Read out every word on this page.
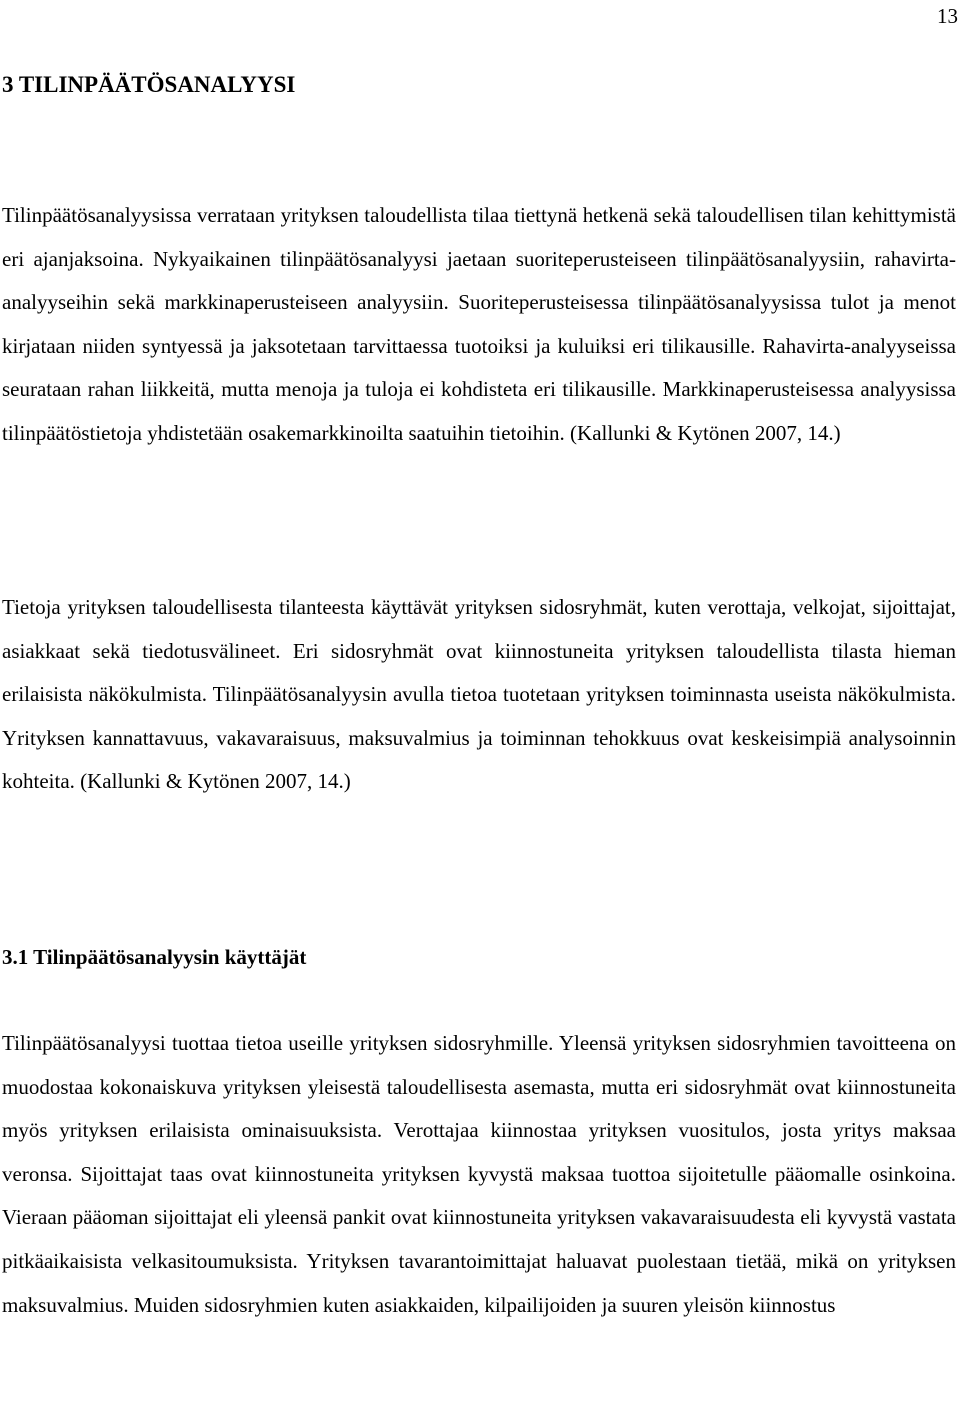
13
3 TILINPÄÄTÖSANALYYSI

Tilinpäätösanalyysissa verrataan yrityksen taloudellista tilaa tiettynä hetkenä sekä taloudellisen tilan kehittymistä eri ajanjaksoina. Nykyaikainen tilinpäätösanalyysi jaetaan suoriteperusteiseen tilinpäätösanalyysiin, rahavirta-analyyseihin sekä markkinaperusteiseen analyysiin. Suoriteperusteisessa tilinpäätösanalyysissa tulot ja menot kirjataan niiden syntyessä ja jaksotetaan tarvittaessa tuotoiksi ja kuluiksi eri tilikausille. Rahavirta-analyyseissa seurataan rahan liikkeitä, mutta menoja ja tuloja ei kohdisteta eri tilikausille. Markkinaperusteisessa analyysissa tilinpäätöstietoja yhdistetään osakemarkkinoilta saatuihin tietoihin. (Kallunki & Kytönen 2007, 14.)

Tietoja yrityksen taloudellisesta tilanteesta käyttävät yrityksen sidosryhmät, kuten verottaja, velkojat, sijoittajat, asiakkaat sekä tiedotusvälineet. Eri sidosryhmät ovat kiinnostuneita yrityksen taloudellista tilasta hieman erilaisista näkökulmista. Tilinpäätösanalyysin avulla tietoa tuotetaan yrityksen toiminnasta useista näkökulmista. Yrityksen kannattavuus, vakavaraisuus, maksuvalmius ja toiminnan tehokkuus ovat keskeisimpiä analysoinnin kohteita. (Kallunki & Kytönen 2007, 14.)

3.1 Tilinpäätösanalyysin käyttäjät

Tilinpäätösanalyysi tuottaa tietoa useille yrityksen sidosryhmille. Yleensä yrityksen sidosryhmien tavoitteena on muodostaa kokonaiskuva yrityksen yleisestä taloudellisesta asemasta, mutta eri sidosryhmät ovat kiinnostuneita myös yrityksen erilaisista ominaisuuksista. Verottajaa kiinnostaa yrityksen vuositulos, josta yritys maksaa veronsa. Sijoittajat taas ovat kiinnostuneita yrityksen kyvystä maksaa tuottoa sijoitetulle pääomalle osinkoina. Vieraan pääoman sijoittajat eli yleensä pankit ovat kiinnostuneita yrityksen vakavaraisuudesta eli kyvystä vastata pitkäaikaisista velkasitoumuksista. Yrityksen tavarantoimittajat haluavat puolestaan tietää, mikä on yrityksen maksuvalmius. Muiden sidosryhmien kuten asiakkaiden, kilpailijoiden ja suuren yleisön kiinnostus
